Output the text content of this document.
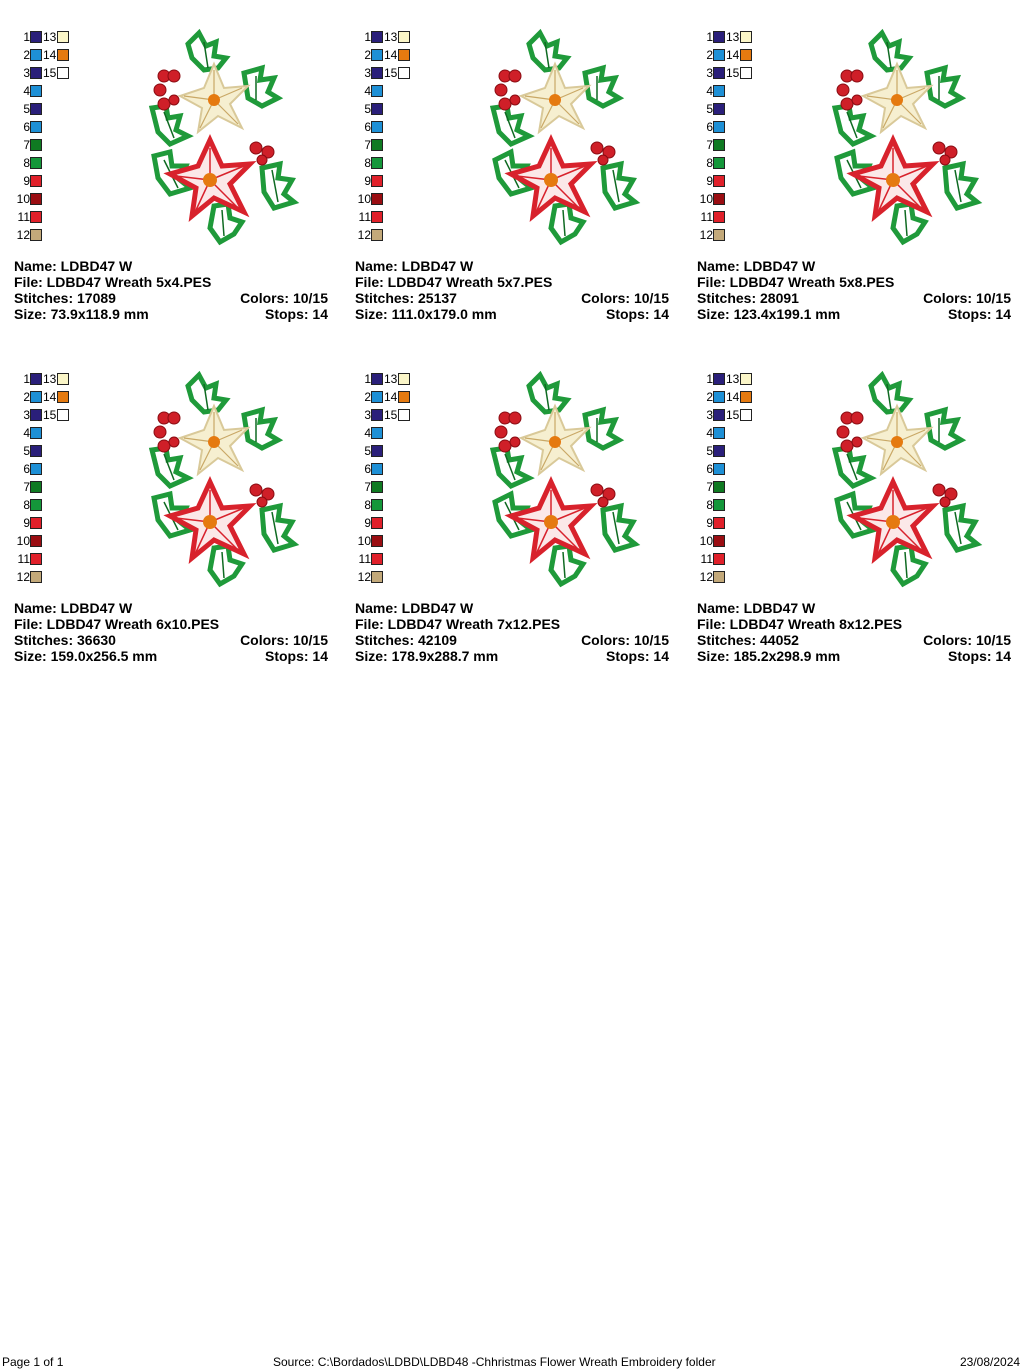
1 13
2 14
3 15
4
5
6
7
8
9
10
11
12
Name: LDBD47 W
File: LDBD47 Wreath 5x4.PES
Stitches: 17089	Colors: 10/15
Size: 73.9x118.9 mm	Stops: 14
1 13
2 14
3 15
4
5
6
7
8
9
10
11
12
Name: LDBD47 W
File: LDBD47 Wreath 5x7.PES
Stitches: 25137	Colors: 10/15
Size: 111.0x179.0 mm	Stops: 14
1 13
2 14
3 15
4
5
6
7
8
9
10
11
12
Name: LDBD47 W
File: LDBD47 Wreath 5x8.PES
Stitches: 28091	Colors: 10/15
Size: 123.4x199.1 mm	Stops: 14
1 13
2 14
3 15
4
5
6
7
8
9
10
11
12
Name: LDBD47 W
File: LDBD47 Wreath 6x10.PES
Stitches: 36630	Colors: 10/15
Size: 159.0x256.5 mm	Stops: 14
1 13
2 14
3 15
4
5
6
7
8
9
10
11
12
Name: LDBD47 W
File: LDBD47 Wreath 7x12.PES
Stitches: 42109	Colors: 10/15
Size: 178.9x288.7 mm	Stops: 14
1 13
2 14
3 15
4
5
6
7
8
9
10
11
12
Name: LDBD47 W
File: LDBD47 Wreath 8x12.PES
Stitches: 44052	Colors: 10/15
Size: 185.2x298.9 mm	Stops: 14
Page 1 of 1	Source: C:\Bordados\LDBD\LDBD48 -Chhristmas Flower Wreath Embroidery folder	23/08/2024
